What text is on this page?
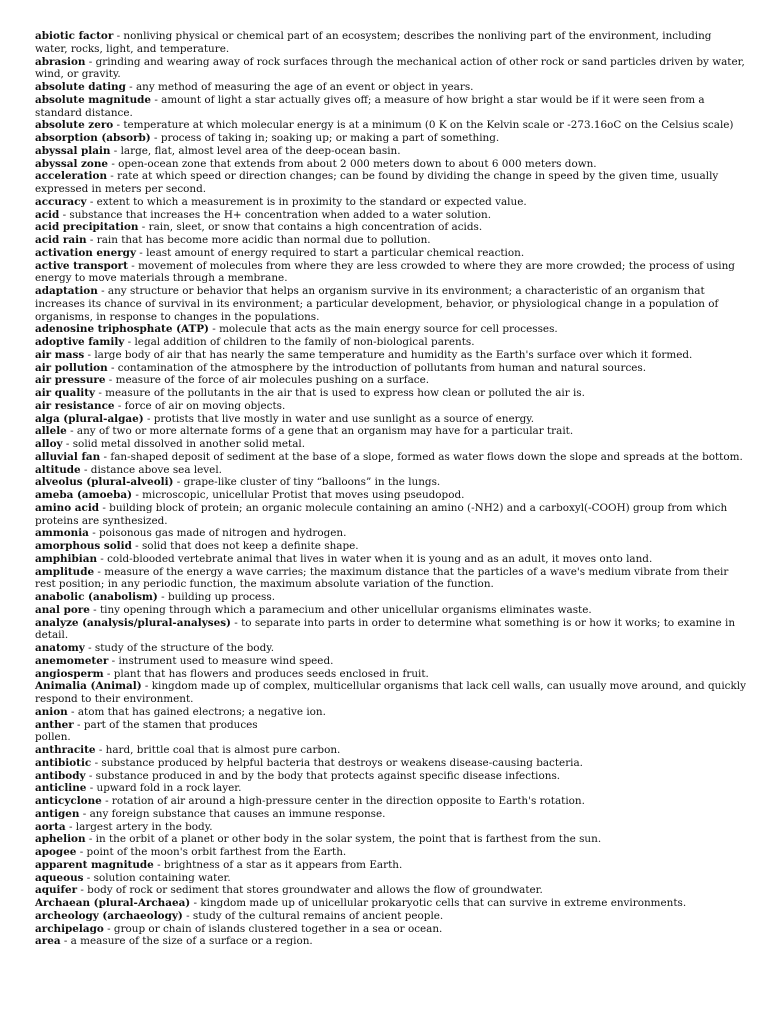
abiotic factor - nonliving physical or chemical part of an ecosystem; describes the nonliving part of the environment, including water, rocks, light, and temperature.
abrasion - grinding and wearing away of rock surfaces through the mechanical action of other rock or sand particles driven by water, wind, or gravity.
absolute dating - any method of measuring the age of an event or object in years.
absolute magnitude - amount of light a star actually gives off; a measure of how bright a star would be if it were seen from a standard distance.
absolute zero - temperature at which molecular energy is at a minimum (0 K on the Kelvin scale or -273.16oC on the Celsius scale)
absorption (absorb) - process of taking in; soaking up; or making a part of something.
abyssal plain - large, flat, almost level area of the deep-ocean basin.
abyssal zone - open-ocean zone that extends from about 2 000 meters down to about 6 000 meters down.
acceleration - rate at which speed or direction changes; can be found by dividing the change in speed by the given time, usually expressed in meters per second.
accuracy - extent to which a measurement is in proximity to the standard or expected value.
acid - substance that increases the H+ concentration when added to a water solution.
acid precipitation - rain, sleet, or snow that contains a high concentration of acids.
acid rain - rain that has become more acidic than normal due to pollution.
activation energy - least amount of energy required to start a particular chemical reaction.
active transport - movement of molecules from where they are less crowded to where they are more crowded; the process of using energy to move materials through a membrane.
adaptation - any structure or behavior that helps an organism survive in its environment; a characteristic of an organism that increases its chance of survival in its environment; a particular development, behavior, or physiological change in a population of organisms, in response to changes in the populations.
adenosine triphosphate (ATP) - molecule that acts as the main energy source for cell processes.
adoptive family - legal addition of children to the family of non-biological parents.
air mass - large body of air that has nearly the same temperature and humidity as the Earth's surface over which it formed.
air pollution - contamination of the atmosphere by the introduction of pollutants from human and natural sources.
air pressure - measure of the force of air molecules pushing on a surface.
air quality - measure of the pollutants in the air that is used to express how clean or polluted the air is.
air resistance - force of air on moving objects.
alga (plural-algae) - protists that live mostly in water and use sunlight as a source of energy.
allele - any of two or more alternate forms of a gene that an organism may have for a particular trait.
alloy - solid metal dissolved in another solid metal.
alluvial fan - fan-shaped deposit of sediment at the base of a slope, formed as water flows down the slope and spreads at the bottom.
altitude - distance above sea level.
alveolus (plural-alveoli) - grape-like cluster of tiny “balloons” in the lungs.
ameba (amoeba) - microscopic, unicellular Protist that moves using pseudopod.
amino acid - building block of protein; an organic molecule containing an amino (-NH2) and a carboxyl(-COOH) group from which proteins are synthesized.
ammonia - poisonous gas made of nitrogen and hydrogen.
amorphous solid - solid that does not keep a definite shape.
amphibian - cold-blooded vertebrate animal that lives in water when it is young and as an adult, it moves onto land.
amplitude - measure of the energy a wave carries; the maximum distance that the particles of a wave's medium vibrate from their rest position; in any periodic function, the maximum absolute variation of the function.
anabolic (anabolism) - building up process.
anal pore - tiny opening through which a paramecium and other unicellular organisms eliminates waste.
analyze (analysis/plural-analyses) - to separate into parts in order to determine what something is or how it works; to examine in detail.
anatomy - study of the structure of the body.
anemometer - instrument used to measure wind speed.
angiosperm - plant that has flowers and produces seeds enclosed in fruit.
Animalia (Animal) - kingdom made up of complex, multicellular organisms that lack cell walls, can usually move around, and quickly respond to their environment.
anion - atom that has gained electrons; a negative ion.
anther - part of the stamen that produces
pollen.
anthracite - hard, brittle coal that is almost pure carbon.
antibiotic - substance produced by helpful bacteria that destroys or weakens disease-causing bacteria.
antibody - substance produced in and by the body that protects against specific disease infections.
anticline - upward fold in a rock layer.
anticyclone - rotation of air around a high-pressure center in the direction opposite to Earth's rotation.
antigen - any foreign substance that causes an immune response.
aorta - largest artery in the body.
aphelion - in the orbit of a planet or other body in the solar system, the point that is farthest from the sun.
apogee - point of the moon's orbit farthest from the Earth.
apparent magnitude - brightness of a star as it appears from Earth.
aqueous - solution containing water.
aquifer - body of rock or sediment that stores groundwater and allows the flow of groundwater.
Archaean (plural-Archaea) - kingdom made up of unicellular prokaryotic cells that can survive in extreme environments.
archeology (archaeology) - study of the cultural remains of ancient people.
archipelago - group or chain of islands clustered together in a sea or ocean.
area - a measure of the size of a surface or a region.
